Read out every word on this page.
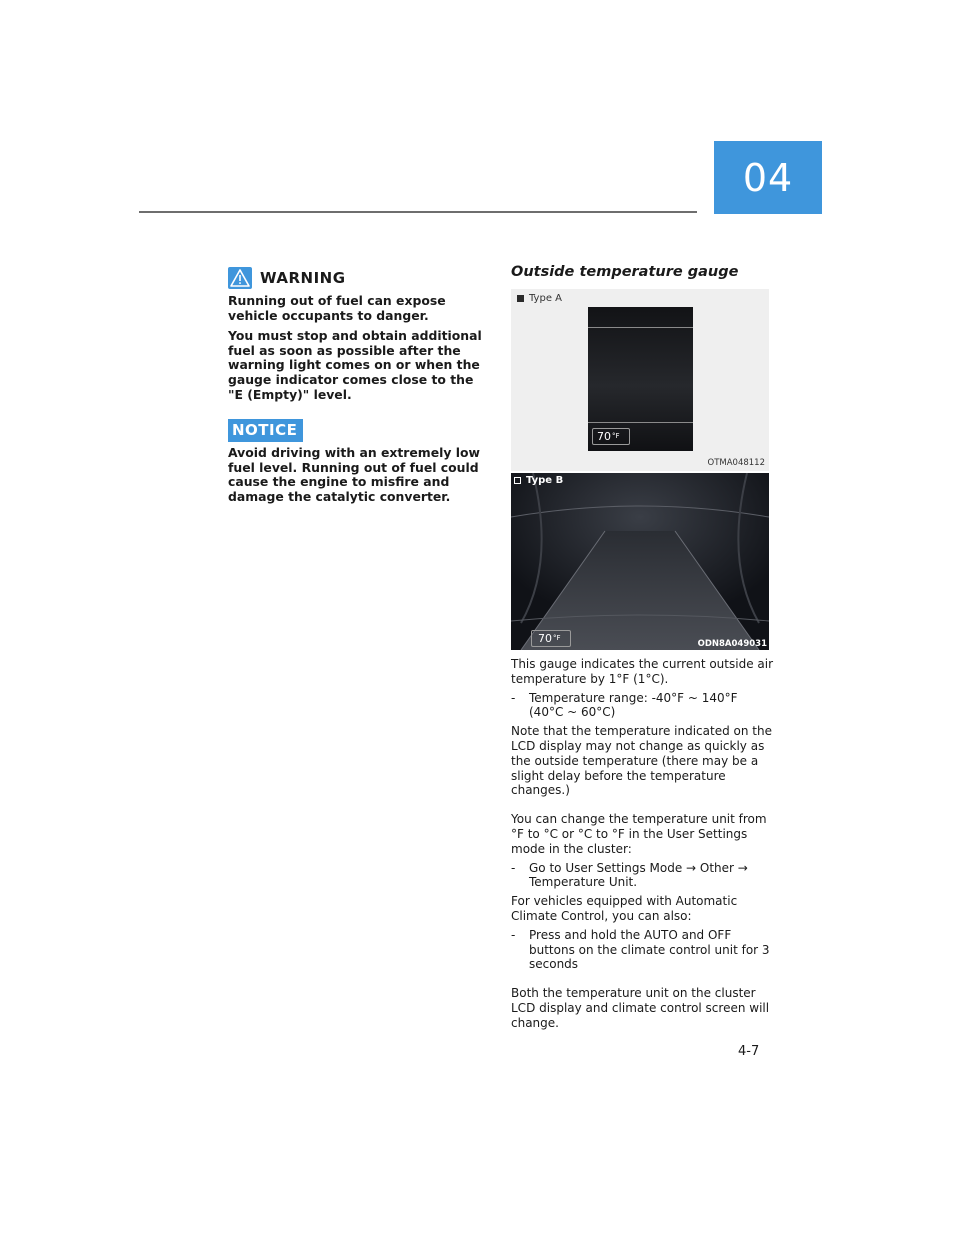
04
WARNING

Running out of fuel can expose vehicle occupants to danger.

You must stop and obtain additional fuel as soon as possible after the warning light comes on or when the gauge indicator comes close to the "E (Empty)" level.

NOTICE

Avoid driving with an extremely low fuel level. Running out of fuel could cause the engine to misfire and damage the catalytic converter.

Outside temperature gauge
Type A
$70^{^\circ F}$
OTMA048112
Type B
$70^{^\circ F}$
ODN8A049031

This gauge indicates the current outside air temperature by 1°F (1°C).

-	Temperature range: -40°F ~ 140°F (40°C ~ 60°C)

Note that the temperature indicated on the LCD display may not change as quickly as the outside temperature (there may be a slight delay before the temperature changes.)

You can change the temperature unit from °F to °C or °C to °F in the User Settings mode in the cluster:

-	Go to User Settings Mode → Other → Temperature Unit.

For vehicles equipped with Automatic Climate Control, you can also:

-	Press and hold the AUTO and OFF buttons on the climate control unit for 3 seconds

Both the temperature unit on the cluster LCD display and climate control screen will change.

4-7
